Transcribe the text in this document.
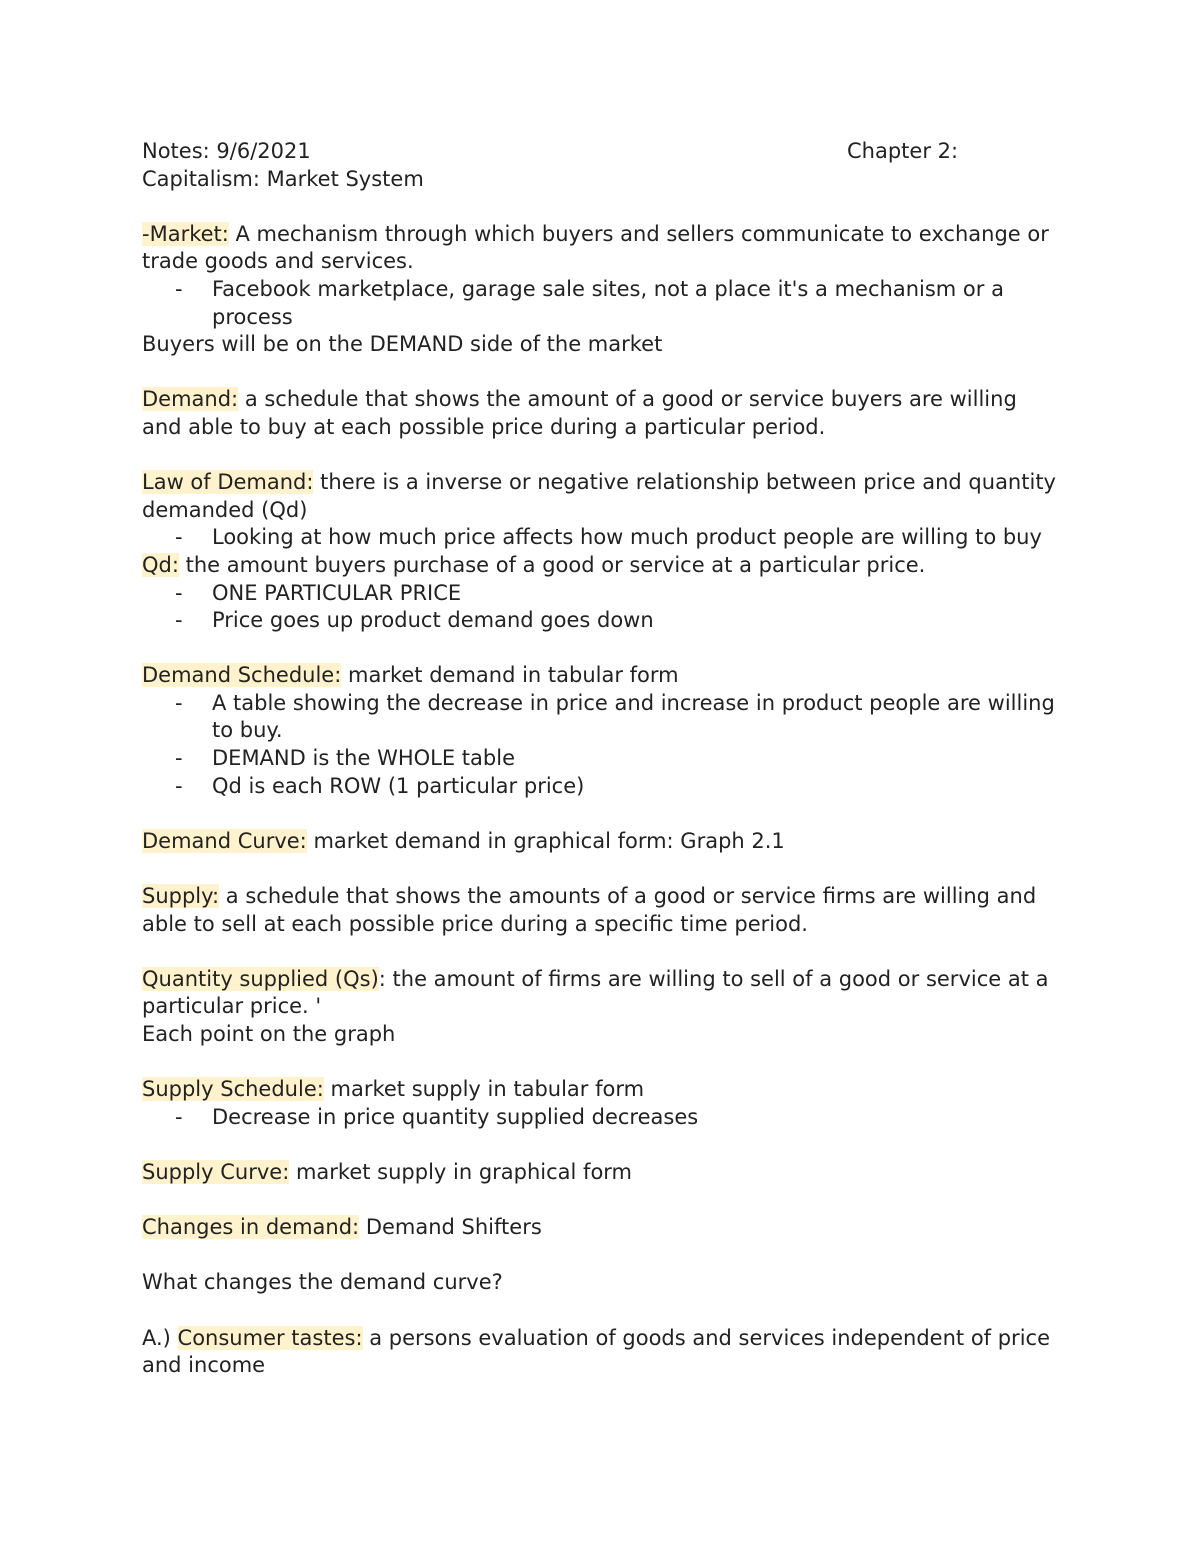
Notes: 9/6/2021	Chapter 2:
Capitalism: Market System
-Market: A mechanism through which buyers and sellers communicate to exchange or trade goods and services.
- Facebook marketplace, garage sale sites, not a place it's a mechanism or a process
Buyers will be on the DEMAND side of the market
Demand: a schedule that shows the amount of a good or service buyers are willing and able to buy at each possible price during a particular period.
Law of Demand: there is a inverse or negative relationship between price and quantity demanded (Qd)
- Looking at how much price affects how much product people are willing to buy
Qd: the amount buyers purchase of a good or service at a particular price.
- ONE PARTICULAR PRICE
- Price goes up product demand goes down
Demand Schedule: market demand in tabular form
- A table showing the decrease in price and increase in product people are willing to buy.
- DEMAND is the WHOLE table
- Qd is each ROW (1 particular price)
Demand Curve: market demand in graphical form: Graph 2.1
Supply: a schedule that shows the amounts of a good or service firms are willing and able to sell at each possible price during a specific time period.
Quantity supplied (Qs): the amount of firms are willing to sell of a good or service at a particular price. '
Each point on the graph
Supply Schedule: market supply in tabular form
- Decrease in price quantity supplied decreases
Supply Curve: market supply in graphical form
Changes in demand: Demand Shifters
What changes the demand curve?
A.) Consumer tastes: a persons evaluation of goods and services independent of price and income
